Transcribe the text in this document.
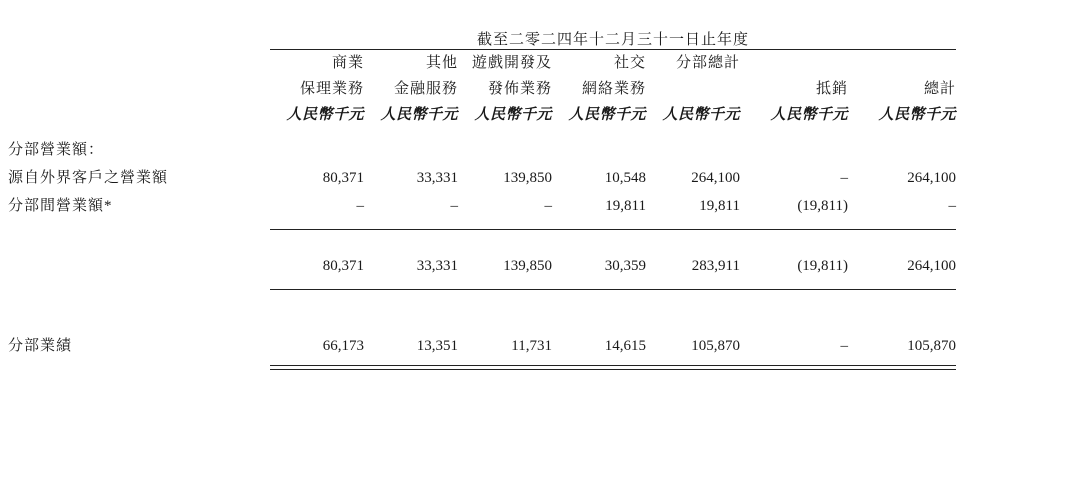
	截至二零二四年十二月三十一日止年度						

	商業	其他	遊戲開發及	社交	分部總計		
	保理業務	金融服務	發佈業務	網絡業務		抵銷	總計
	人民幣千元	人民幣千元	人民幣千元	人民幣千元	人民幣千元	人民幣千元	人民幣千元
分部營業額：							
源自外界客戶之營業額	80,371	33,331	139,850	10,548	264,100	–	264,100
分部間營業額*	–	–	–	19,811	19,811	(19,811)	–

	80,371	33,331	139,850	30,359	283,911	(19,811)	264,100

分部業績	66,173	13,351	11,731	14,615	105,870	–	105,870
